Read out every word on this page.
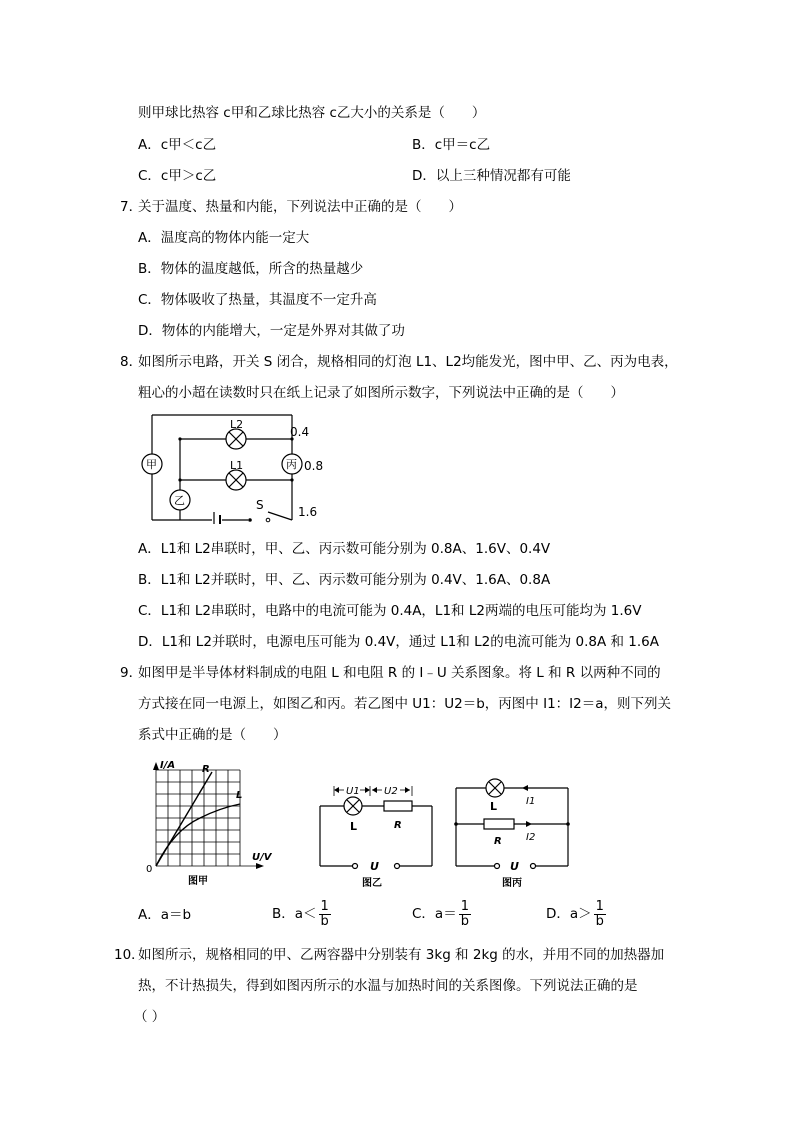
则甲球比热容 c甲和乙球比热容 c乙大小的关系是（　　）
A．c甲＜c乙	B．c甲＝c乙
C．c甲＞c乙	D．以上三种情况都有可能
7．
关于温度、热量和内能，下列说法中正确的是（　　）
A．温度高的物体内能一定大
B．物体的温度越低，所含的热量越少
C．物体吸收了热量，其温度不一定升高
D．物体的内能增大，一定是外界对其做了功
8．
如图所示电路，开关 S 闭合，规格相同的灯泡 L1、L2均能发光，图中甲、乙、丙为电表，
粗心的小超在读数时只在纸上记录了如图所示数字，下列说法中正确的是（　　）
L2
L1
S
甲	丙
乙
0.4
0.8
1.6
A．L1和 L2串联时，甲、乙、丙示数可能分别为 0.8A、1.6V、0.4V
B．L1和 L2并联时，甲、乙、丙示数可能分别为 0.4V、1.6A、0.8A
C．L1和 L2串联时，电路中的电流可能为 0.4A，L1和 L2两端的电压可能均为 1.6V
D．L1和 L2并联时，电源电压可能为 0.4V，通过 L1和 L2的电流可能为 0.8A 和 1.6A
9．
如图甲是半导体材料制成的电阻 L 和电阻 R 的 I﹣U 关系图象。将 L 和 R 以两种不同的
方式接在同一电源上，如图乙和丙。若乙图中 U1：U2＝b，丙图中 I1：I2＝a，则下列关
系式中正确的是（　　）
I/A
U/V
0
R
L
图甲
U1 U2
L	R
U
图乙
L	I1
I2
R
U
图丙
A．a＝b	B．$a< \frac{1}{b}$	C．$a= \frac{1}{b}$	D．$a> \frac{1}{b}$
10．
如图所示，规格相同的甲、乙两容器中分别装有 3kg 和 2kg 的水，并用不同的加热器加
热，不计热损失，得到如图丙所示的水温与加热时间的关系图像。下列说法正确的是
（ ）
